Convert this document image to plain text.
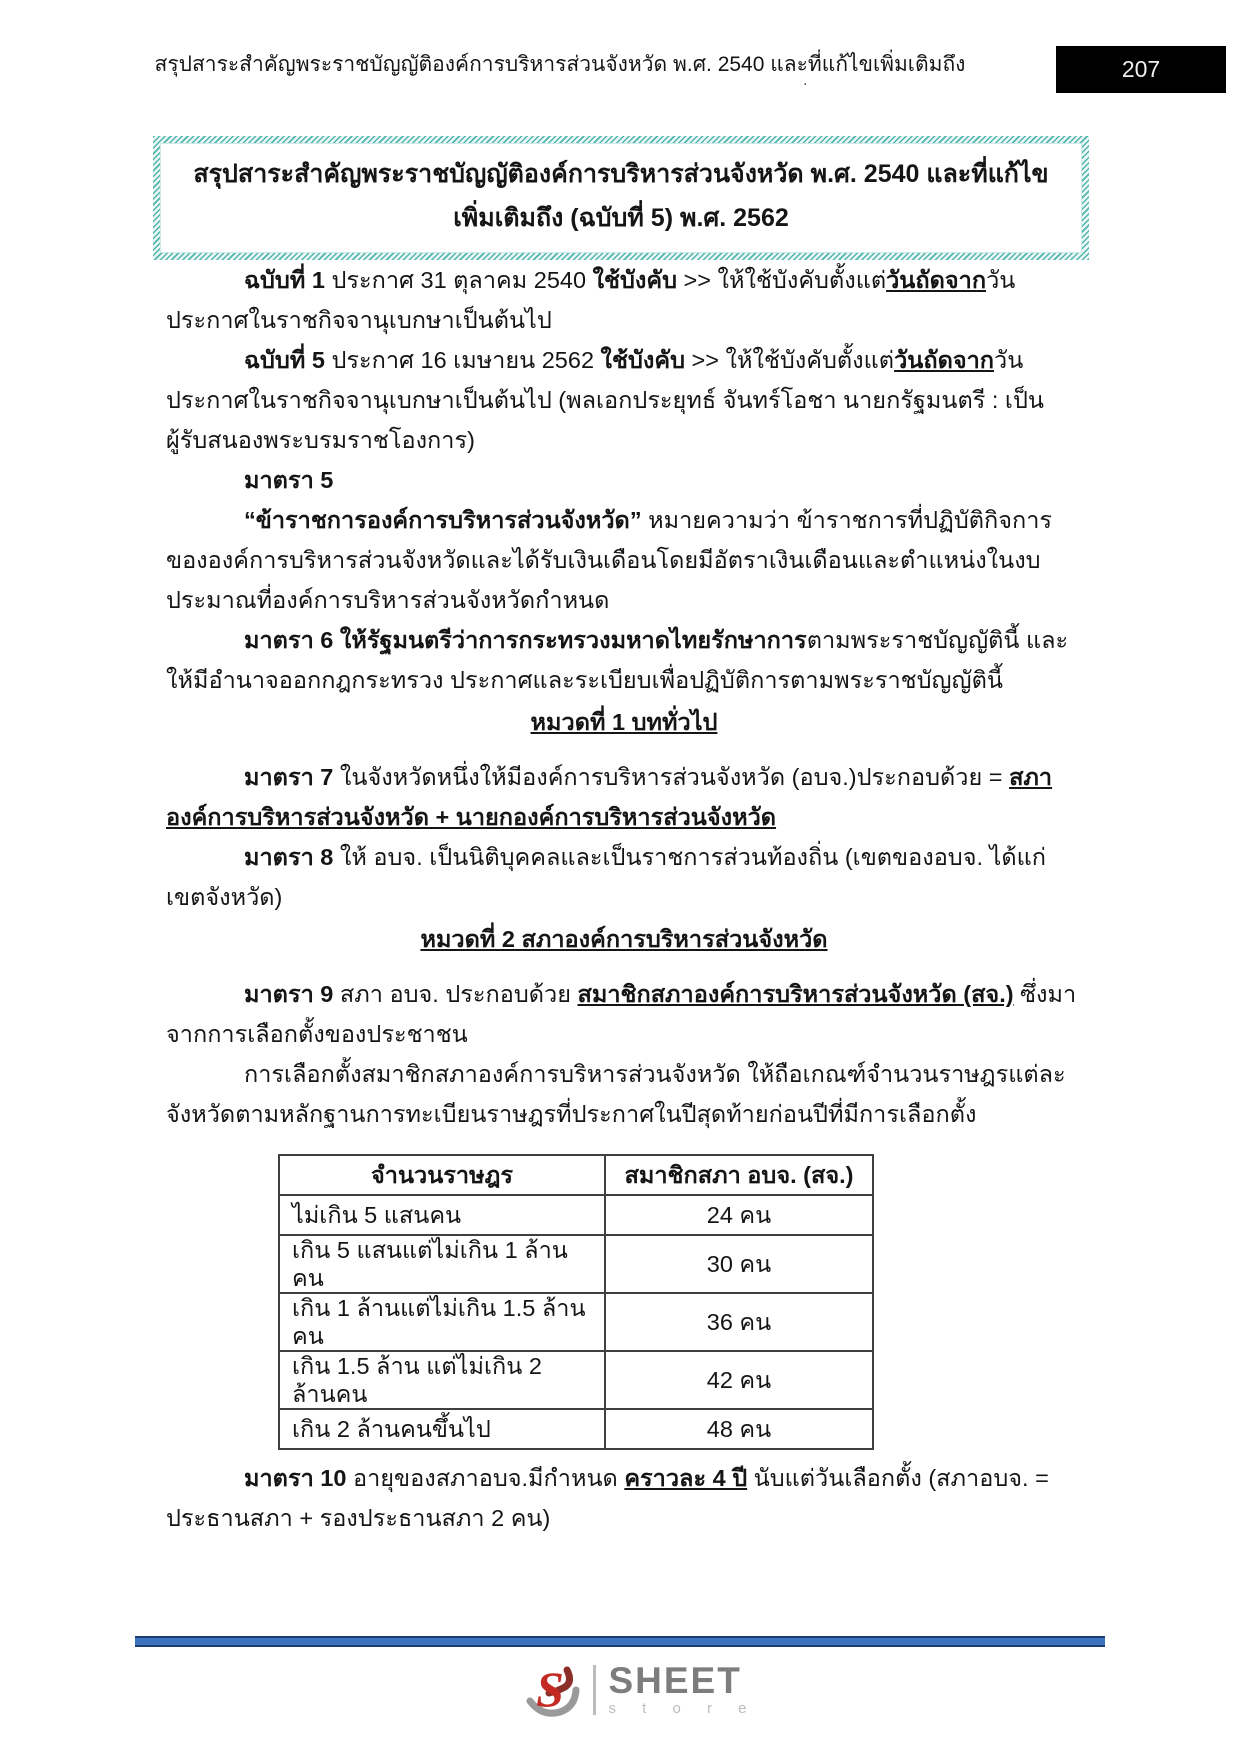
สรุปสาระสำคัญพระราชบัญญัติองค์การบริหารส่วนจังหวัด พ.ศ. 2540 และที่แก้ไขเพิ่มเติมถึง
.	207
สรุปสาระสำคัญพระราชบัญญัติองค์การบริหารส่วนจังหวัด พ.ศ. 2540 และที่แก้ไขเพิ่มเติมถึง (ฉบับที่ 5) พ.ศ. 2562
ฉบับที่ 1 ประกาศ 31 ตุลาคม 2540 ใช้บังคับ >> ให้ใช้บังคับตั้งแต่วันถัดจากวันประกาศในราชกิจจานุเบกษาเป็นต้นไป
ฉบับที่ 5 ประกาศ 16 เมษายน 2562 ใช้บังคับ >> ให้ใช้บังคับตั้งแต่วันถัดจากวันประกาศในราชกิจจานุเบกษาเป็นต้นไป (พลเอกประยุทธ์ จันทร์โอชา นายกรัฐมนตรี : เป็นผู้รับสนองพระบรมราชโองการ)
มาตรา 5
“ข้าราชการองค์การบริหารส่วนจังหวัด” หมายความว่า ข้าราชการที่ปฏิบัติกิจการขององค์การบริหารส่วนจังหวัดและได้รับเงินเดือนโดยมีอัตราเงินเดือนและตำแหน่งในงบประมาณที่องค์การบริหารส่วนจังหวัดกำหนด
มาตรา 6 ให้รัฐมนตรีว่าการกระทรวงมหาดไทยรักษาการตามพระราชบัญญัตินี้ และให้มีอำนาจออกกฎกระทรวง ประกาศและระเบียบเพื่อปฏิบัติการตามพระราชบัญญัตินี้
หมวดที่ 1 บททั่วไป
มาตรา 7 ในจังหวัดหนึ่งให้มีองค์การบริหารส่วนจังหวัด (อบจ.)ประกอบด้วย = สภาองค์การบริหารส่วนจังหวัด + นายกองค์การบริหารส่วนจังหวัด
มาตรา 8 ให้ อบจ. เป็นนิติบุคคลและเป็นราชการส่วนท้องถิ่น (เขตของอบจ. ได้แก่ เขตจังหวัด)
หมวดที่ 2 สภาองค์การบริหารส่วนจังหวัด
มาตรา 9 สภา อบจ. ประกอบด้วย สมาชิกสภาองค์การบริหารส่วนจังหวัด (สจ.) ซึ่งมาจากการเลือกตั้งของประชาชน
การเลือกตั้งสมาชิกสภาองค์การบริหารส่วนจังหวัด ให้ถือเกณฑ์จำนวนราษฎรแต่ละจังหวัดตามหลักฐานการทะเบียนราษฎรที่ประกาศในปีสุดท้ายก่อนปีที่มีการเลือกตั้ง
จำนวนราษฎร	สมาชิกสภา อบจ. (สจ.)
ไม่เกิน 5 แสนคน	24 คน
เกิน 5 แสนแต่ไม่เกิน 1 ล้านคน	30 คน
เกิน 1 ล้านแต่ไม่เกิน 1.5 ล้านคน	36 คน
เกิน 1.5 ล้าน แต่ไม่เกิน 2 ล้านคน	42 คน
เกิน 2 ล้านคนขึ้นไป	48 คน
มาตรา 10 อายุของสภาอบจ.มีกำหนด คราวละ 4 ปี นับแต่วันเลือกตั้ง (สภาอบจ. = ประธานสภา + รองประธานสภา 2 คน)
S SHEET
s t o r e
